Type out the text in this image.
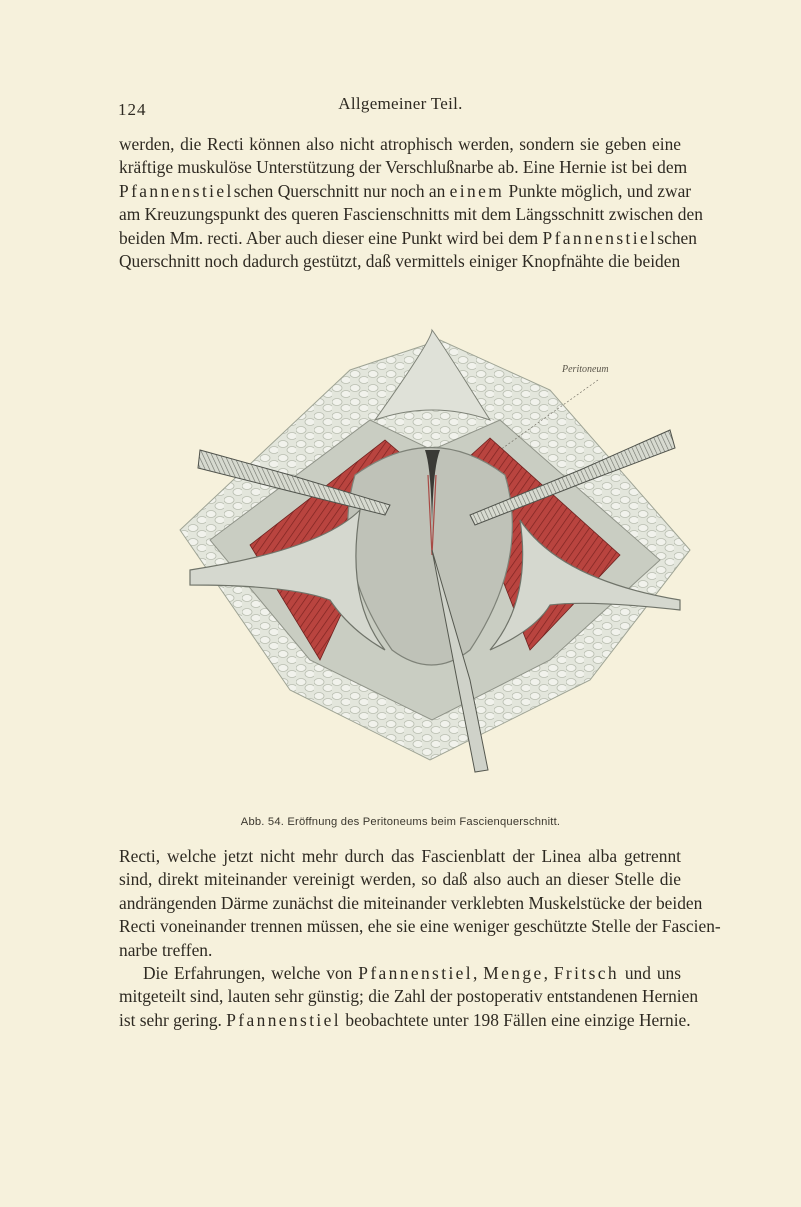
124	Allgemeiner Teil.
werden, die Recti können also nicht atrophisch werden, sondern sie geben eine
kräftige muskulöse Unterstützung der Verschlußnarbe ab. Eine Hernie ist bei dem
Pfannenstielschen Querschnitt nur noch an einem Punkte möglich, und zwar
am Kreuzungspunkt des queren Fascienschnitts mit dem Längsschnitt zwischen den
beiden Mm. recti. Aber auch dieser eine Punkt wird bei dem Pfannenstielschen
Querschnitt noch dadurch gestützt, daß vermittels einiger Knopfnähte die beiden
Peritoneum
Abb. 54. Eröffnung des Peritoneums beim Fascienquerschnitt.
Recti, welche jetzt nicht mehr durch das Fascienblatt der Linea alba getrennt
sind, direkt miteinander vereinigt werden, so daß also auch an dieser Stelle die
andrängenden Därme zunächst die miteinander verklebten Muskelstücke der beiden
Recti voneinander trennen müssen, ehe sie eine weniger geschützte Stelle der Fascien-
narbe treffen.
Die Erfahrungen, welche von Pfannenstiel, Menge, Fritsch und uns
mitgeteilt sind, lauten sehr günstig; die Zahl der postoperativ entstandenen Hernien
ist sehr gering. Pfannenstiel beobachtete unter 198 Fällen eine einzige Hernie.
